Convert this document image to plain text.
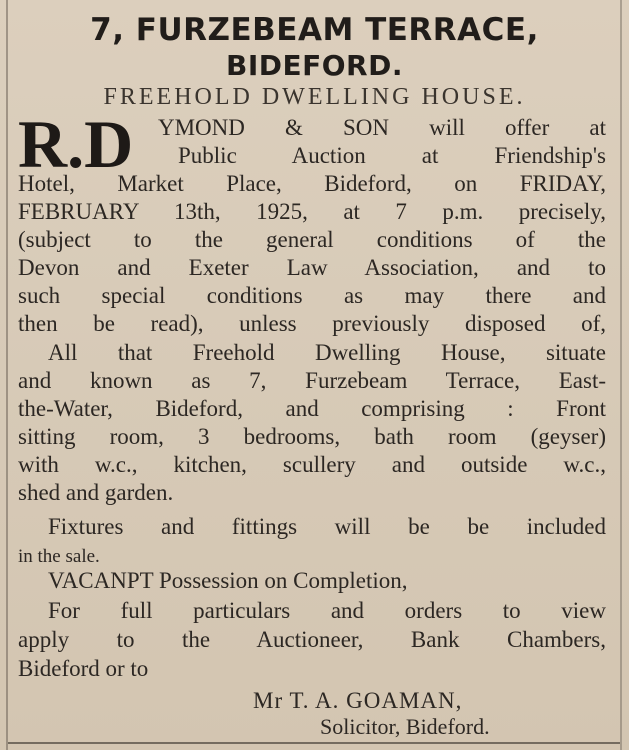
7, FURZEBEAM TERRACE,
BIDEFORD.
FREEHOLD DWELLING HOUSE.
R.D YMOND & SON will offer at
Public Auction at Friendship's
Hotel, Market Place, Bideford, on FRIDAY,
FEBRUARY 13th, 1925, at 7 p.m. precisely,
(subject to the general conditions of the
Devon and Exeter Law Association, and to
such special conditions as may there and
then be read), unless previously disposed of,
All that Freehold Dwelling House, situate
and known as 7, Furzebeam Terrace, East-
the-Water, Bideford, and comprising : Front
sitting room, 3 bedrooms, bath room (geyser)
with w.c., kitchen, scullery and outside w.c.,
shed and garden.
Fixtures and fittings will be be included
in the sale.
VACANPT Possession on Completion,
For full particulars and orders to view
apply to the Auctioneer, Bank Chambers,
Bideford or to
Mr T. A. GOAMAN,
Solicitor, Bideford.
